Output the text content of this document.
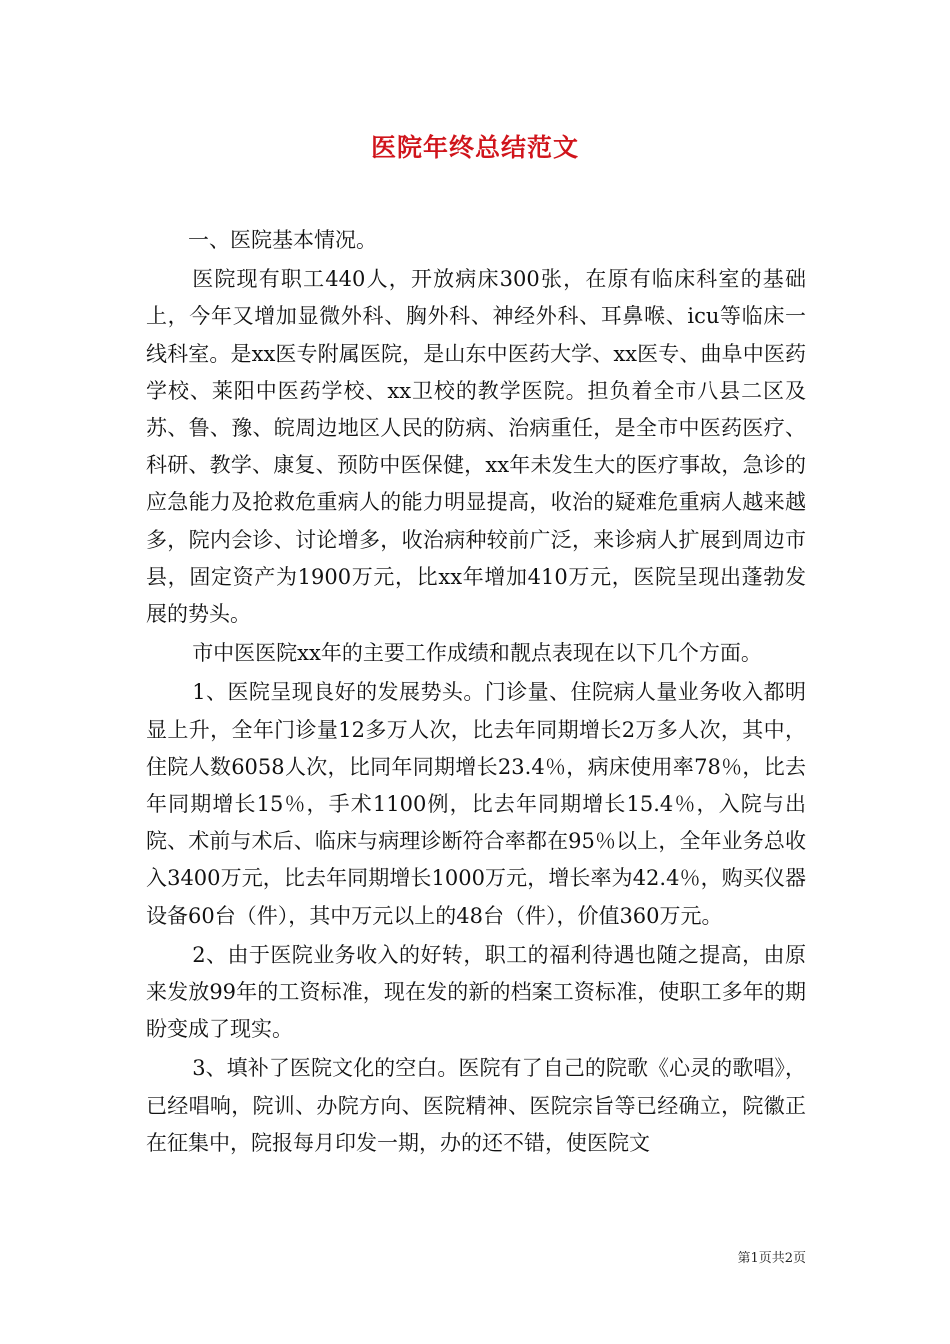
医院年终总结范文

一、医院基本情况。

医院现有职工440人，开放病床300张，在原有临床科室的基础上，今年又增加显微外科、胸外科、神经外科、耳鼻喉、icu等临床一线科室。是xx医专附属医院，是山东中医药大学、xx医专、曲阜中医药学校、莱阳中医药学校、xx卫校的教学医院。担负着全市八县二区及苏、鲁、豫、皖周边地区人民的防病、治病重任，是全市中医药医疗、科研、教学、康复、预防中医保健，xx年未发生大的医疗事故，急诊的应急能力及抢救危重病人的能力明显提高，收治的疑难危重病人越来越多，院内会诊、讨论增多，收治病种较前广泛，来诊病人扩展到周边市县，固定资产为1900万元，比xx年增加410万元，医院呈现出蓬勃发展的势头。

市中医医院xx年的主要工作成绩和靓点表现在以下几个方面。

1、医院呈现良好的发展势头。门诊量、住院病人量业务收入都明显上升，全年门诊量12多万人次，比去年同期增长2万多人次，其中，住院人数6058人次，比同年同期增长23.4％，病床使用率78％，比去年同期增长15％，手术1100例，比去年同期增长15.4％，入院与出院、术前与术后、临床与病理诊断符合率都在95％以上，全年业务总收入3400万元，比去年同期增长1000万元，增长率为42.4％，购买仪器设备60台（件），其中万元以上的48台（件），价值360万元。

2、由于医院业务收入的好转，职工的福利待遇也随之提高，由原来发放99年的工资标准，现在发的新的档案工资标准，使职工多年的期盼变成了现实。

3、填补了医院文化的空白。医院有了自己的院歌《心灵的歌唱》，已经唱响，院训、办院方向、医院精神、医院宗旨等已经确立，院徽正在征集中，院报每月印发一期，办的还不错，使医院文

第1页共2页
